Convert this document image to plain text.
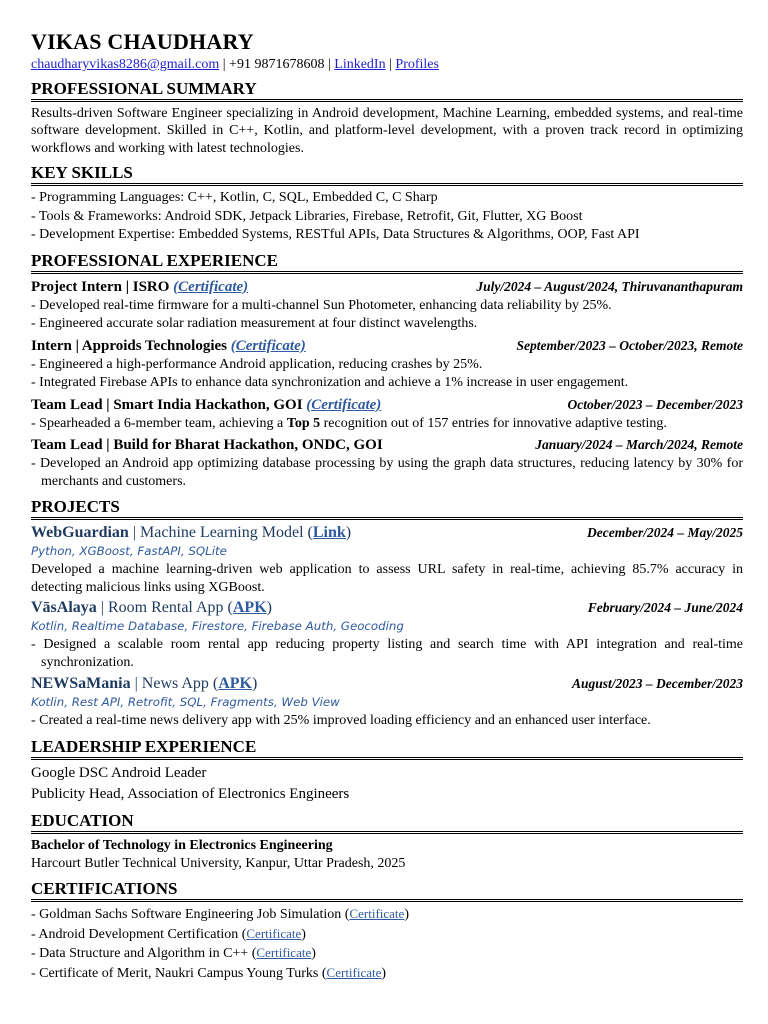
VIKAS CHAUDHARY
chaudharyvikas8286@gmail.com | +91 9871678608 | LinkedIn | Profiles
PROFESSIONAL SUMMARY
Results-driven Software Engineer specializing in Android development, Machine Learning, embedded systems, and real-time software development. Skilled in C++, Kotlin, and platform-level development, with a proven track record in optimizing workflows and working with latest technologies.
KEY SKILLS
- Programming Languages: C++, Kotlin, C, SQL, Embedded C, C Sharp
- Tools & Frameworks: Android SDK, Jetpack Libraries, Firebase, Retrofit, Git, Flutter, XG Boost
- Development Expertise: Embedded Systems, RESTful APIs, Data Structures & Algorithms, OOP, Fast API
PROFESSIONAL EXPERIENCE
Project Intern | ISRO (Certificate)	July/2024 – August/2024, Thiruvananthapuram
- Developed real-time firmware for a multi-channel Sun Photometer, enhancing data reliability by 25%.
- Engineered accurate solar radiation measurement at four distinct wavelengths.
Intern | Approids Technologies (Certificate)	September/2023 – October/2023, Remote
- Engineered a high-performance Android application, reducing crashes by 25%.
- Integrated Firebase APIs to enhance data synchronization and achieve a 1% increase in user engagement.
Team Lead | Smart India Hackathon, GOI (Certificate)	October/2023 – December/2023
- Spearheaded a 6-member team, achieving a Top 5 recognition out of 157 entries for innovative adaptive testing.
Team Lead | Build for Bharat Hackathon, ONDC, GOI	January/2024 – March/2024, Remote
- Developed an Android app optimizing database processing by using the graph data structures, reducing latency by 30% for merchants and customers.
PROJECTS
WebGuardian | Machine Learning Model (Link)	December/2024 – May/2025
Python, XGBoost, FastAPI, SQLite
Developed a machine learning-driven web application to assess URL safety in real-time, achieving 85.7% accuracy in detecting malicious links using XGBoost.
VāsAlaya | Room Rental App (APK)	February/2024 – June/2024
Kotlin, Realtime Database, Firestore, Firebase Auth, Geocoding
- Designed a scalable room rental app reducing property listing and search time with API integration and real-time synchronization.
NEWSaMania | News App (APK)	August/2023 – December/2023
Kotlin, Rest API, Retrofit, SQL, Fragments, Web View
- Created a real-time news delivery app with 25% improved loading efficiency and an enhanced user interface.
LEADERSHIP EXPERIENCE
Google DSC Android Leader
Publicity Head, Association of Electronics Engineers
EDUCATION
Bachelor of Technology in Electronics Engineering
Harcourt Butler Technical University, Kanpur, Uttar Pradesh, 2025
CERTIFICATIONS
- Goldman Sachs Software Engineering Job Simulation (Certificate)
- Android Development Certification (Certificate)
- Data Structure and Algorithm in C++ (Certificate)
- Certificate of Merit, Naukri Campus Young Turks (Certificate)
